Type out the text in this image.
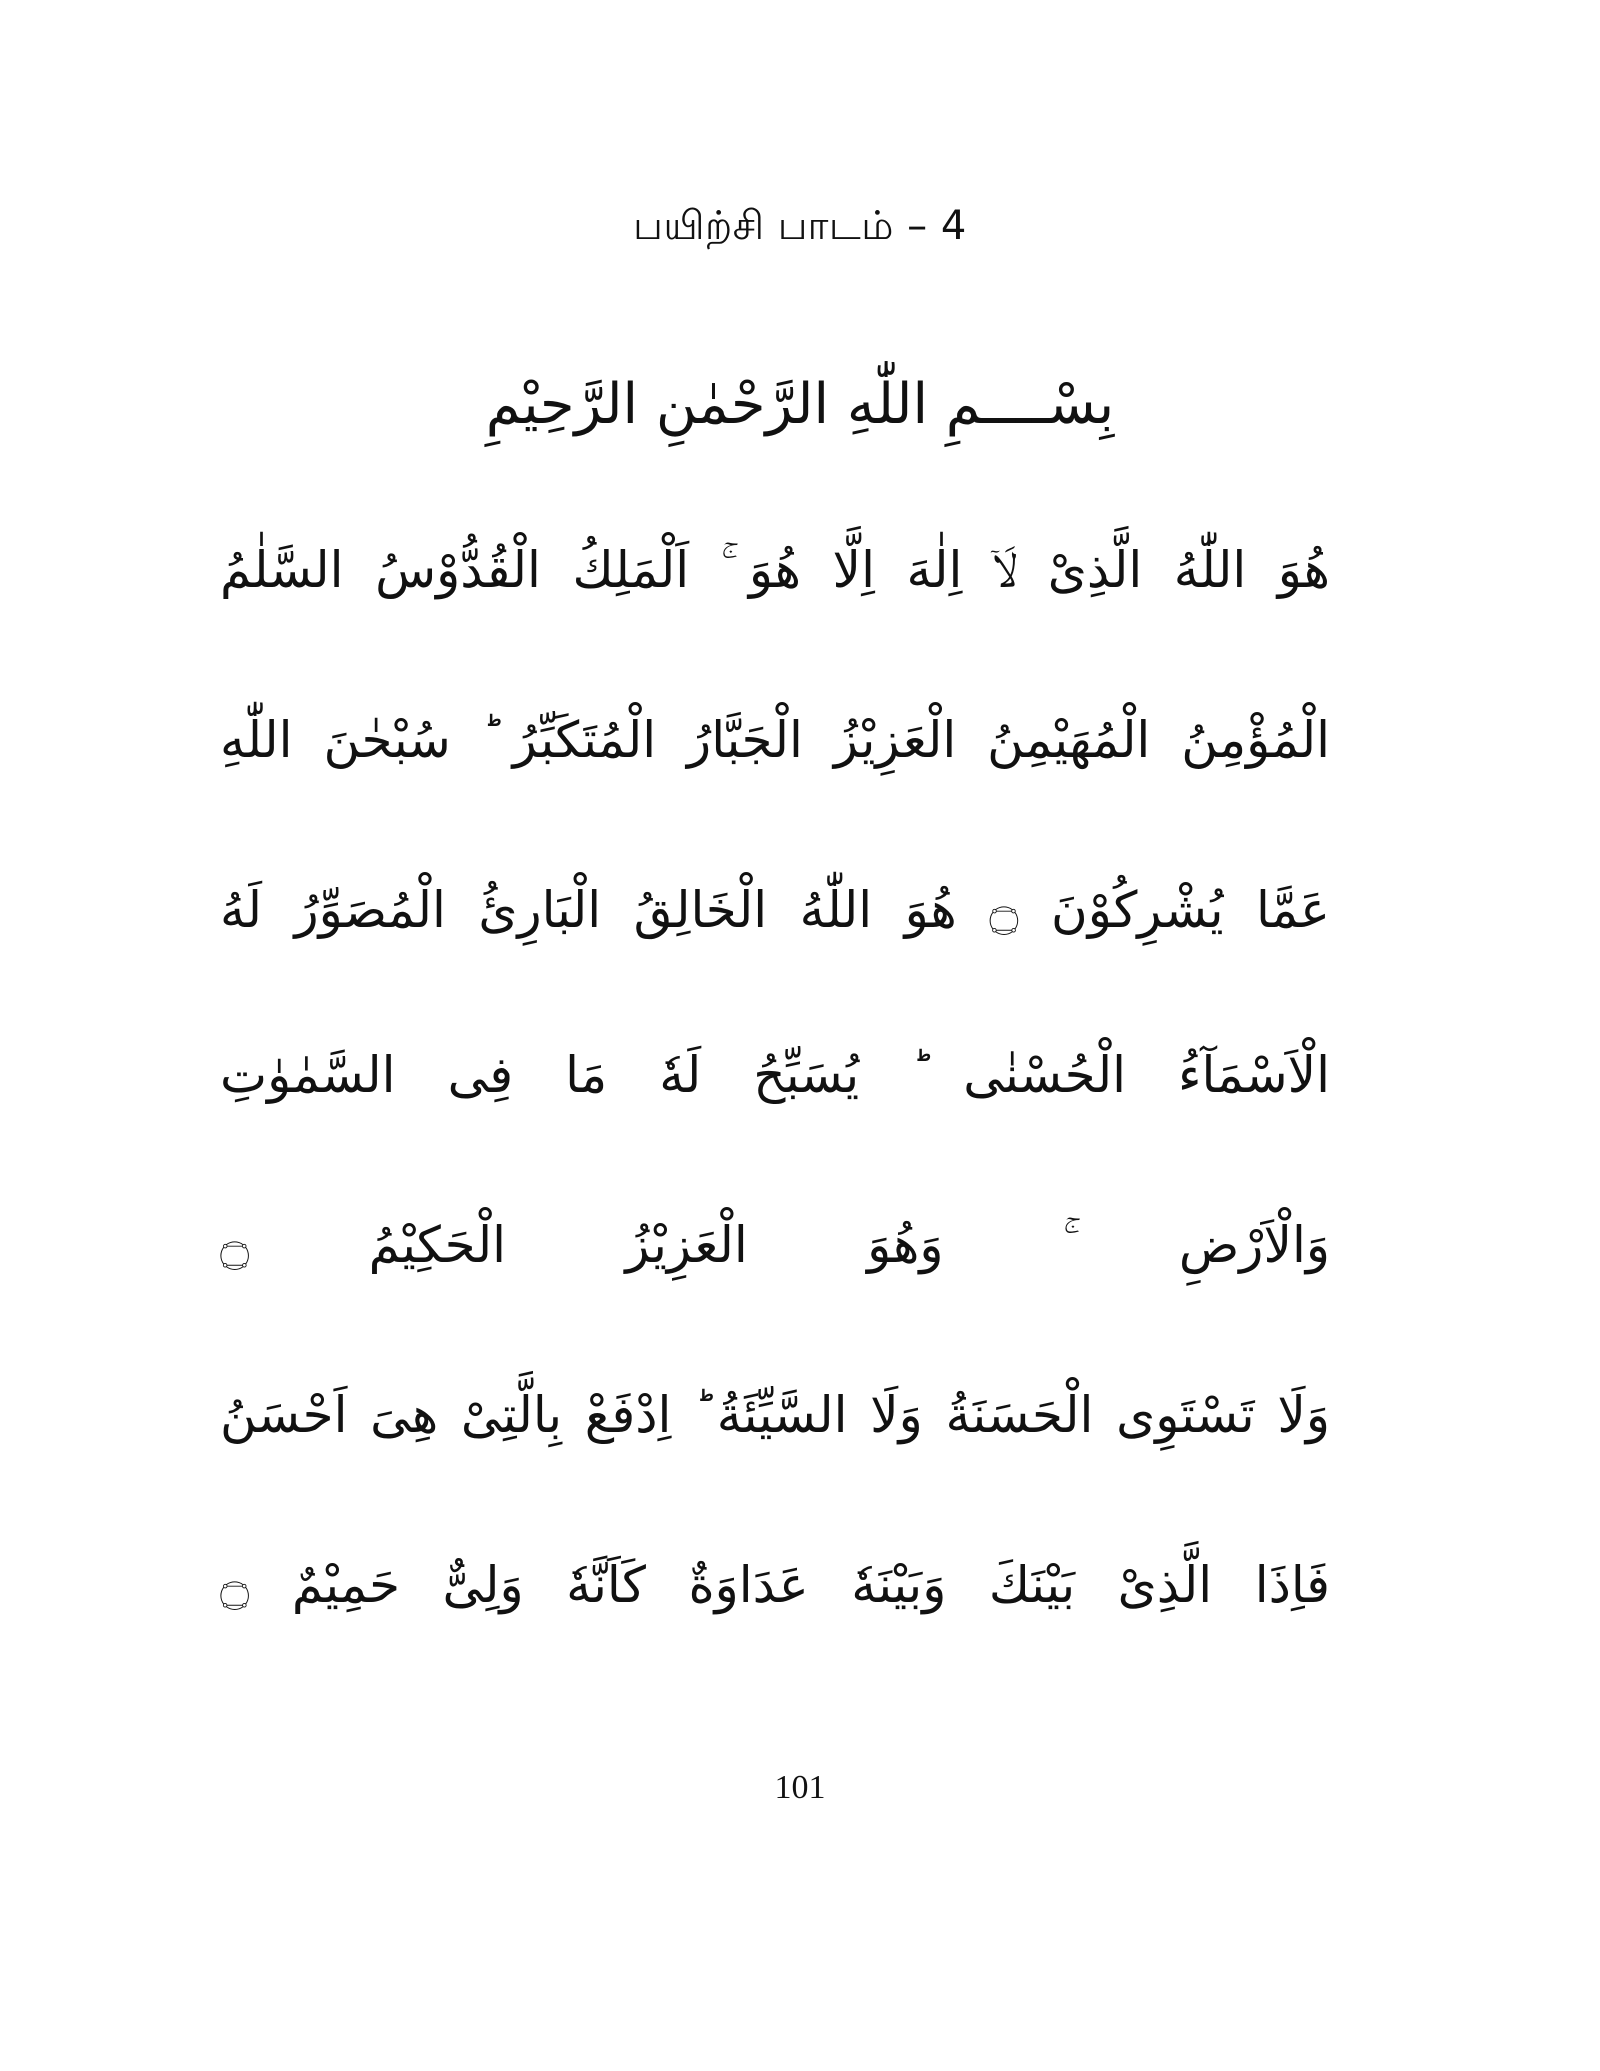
பயிற்சி பாடம் – 4
بِسْــــمِ اللّٰهِ الرَّحْمٰنِ الرَّحِيْمِ
هُوَ اللّٰهُ الَّذِىْ لَاۤ اِلٰهَ اِلَّا هُوَ ۚ اَلْمَلِكُ الْقُدُّوْسُ السَّلٰمُ
الْمُؤْمِنُ الْمُهَيْمِنُ الْعَزِيْزُ الْجَبَّارُ الْمُتَكَبِّرُ ؕ سُبْحٰنَ اللّٰهِ
عَمَّا يُشْرِكُوْنَ ۝ هُوَ اللّٰهُ الْخَالِقُ الْبَارِئُ الْمُصَوِّرُ لَهُ
الْاَسْمَآءُ الْحُسْنٰى ؕ يُسَبِّحُ لَهٗ مَا فِى السَّمٰوٰتِ
وَالْاَرْضِ ۚ وَهُوَ الْعَزِيْزُ الْحَكِيْمُ ۝
وَلَا تَسْتَوِى الْحَسَنَةُ وَلَا السَّيِّئَةُ ؕ اِدْفَعْ بِالَّتِىْ هِىَ اَحْسَنُ
فَاِذَا الَّذِىْ بَيْنَكَ وَبَيْنَهٗ عَدَاوَةٌ كَاَنَّهٗ وَلِىٌّ حَمِيْمٌ ۝
101
